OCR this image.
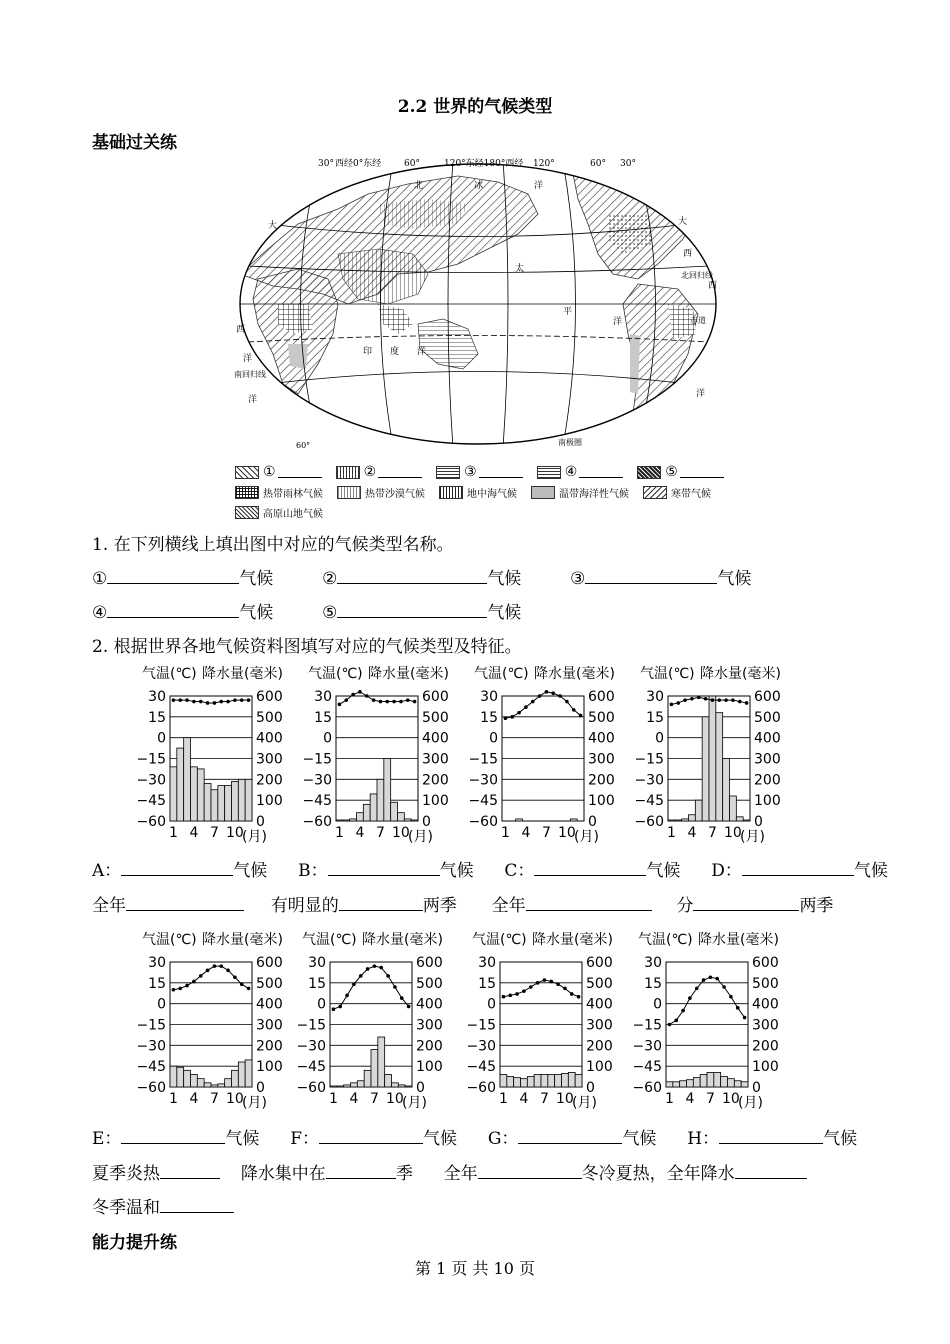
2.2 世界的气候类型
基础过关练
30° 西经0°东经	60°	120°东经180°西经 120°	60° 30°
北	冰	洋
大
太
平
洋
印 度 洋
大
西
洋
洋
西
西
洋
北回归线
赤道
南回归线
南极圈
60°
①	②	③	④	⑤
热带雨林气候	热带沙漠气候	地中海气候	温带海洋性气候	寒带气候
高原山地气候
1. 在下列横线上填出图中对应的气候类型名称。
①	气候	②	气候	③	气候
④	气候	⑤	气候
2. 根据世界各地气候资料图填写对应的气候类型及特征。
气温(℃) 降水量(毫米)
30	600
15	500
0	400
−15	300
−30	200
−45	100
−60	0
1 4 7 10
(月)
气温(℃) 降水量(毫米)
30	600
15	500
0	400
−15	300
−30	200
−45	100
−60	0
1 4 7 10
(月)
气温(℃) 降水量(毫米)
30	600
15	500
0	400
−15	300
−30	200
−45	100
−60	0
1 4 7 10
(月)
气温(℃) 降水量(毫米)
30	600
15	500
0	400
−15	300
−30	200
−45	100
−60	0
1 4 7 10
(月)
气温(℃) 降水量(毫米)
30	600
15	500
0	400
−15	300
−30	200
−45	100
−60	0
1 4 7 10
(月)
气温(℃) 降水量(毫米)
30	600
15	500
0	400
−15	300
−30	200
−45	100
−60	0
1 4 7 10
(月)
气温(℃) 降水量(毫米)
30	600
15	500
0	400
−15	300
−30	200
−45	100
−60	0
1 4 7 10
(月)
气温(℃) 降水量(毫米)
30	600
15	500
0	400
−15	300
−30	200
−45	100
−60	0
1 4 7 10
(月)
A：	气候 B：	气候 C：	气候 D：	气候
全年	有明显的	两季 全年	分	两季
E：	气候 F：	气候 G：	气候 H：	气候
夏季炎热	降水集中在	季 全年	冬冷夏热，全年降水
冬季温和
能力提升练
第 1 页 共 10 页
